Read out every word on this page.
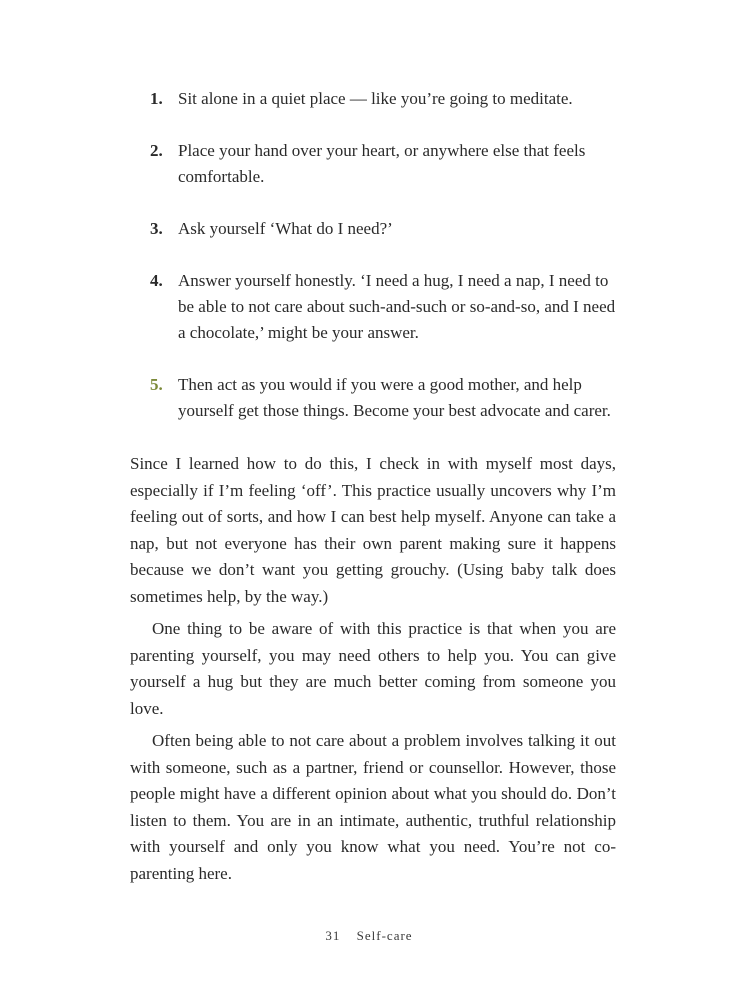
1. Sit alone in a quiet place — like you’re going to meditate.
2. Place your hand over your heart, or anywhere else that feels comfortable.
3. Ask yourself ‘What do I need?’
4. Answer yourself honestly. ‘I need a hug, I need a nap, I need to be able to not care about such-and-such or so-and-so, and I need a chocolate,’ might be your answer.
5. Then act as you would if you were a good mother, and help yourself get those things. Become your best advocate and carer.

Since I learned how to do this, I check in with myself most days, especially if I’m feeling ‘off’. This practice usually uncovers why I’m feeling out of sorts, and how I can best help myself. Anyone can take a nap, but not everyone has their own parent making sure it happens because we don’t want you getting grouchy. (Using baby talk does sometimes help, by the way.)

One thing to be aware of with this practice is that when you are parenting yourself, you may need others to help you. You can give yourself a hug but they are much better coming from someone you love.

Often being able to not care about a problem involves talking it out with someone, such as a partner, friend or counsellor. However, those people might have a different opinion about what you should do. Don’t listen to them. You are in an intimate, authentic, truthful relationship with yourself and only you know what you need. You’re not co-parenting here.

31 Self-care
